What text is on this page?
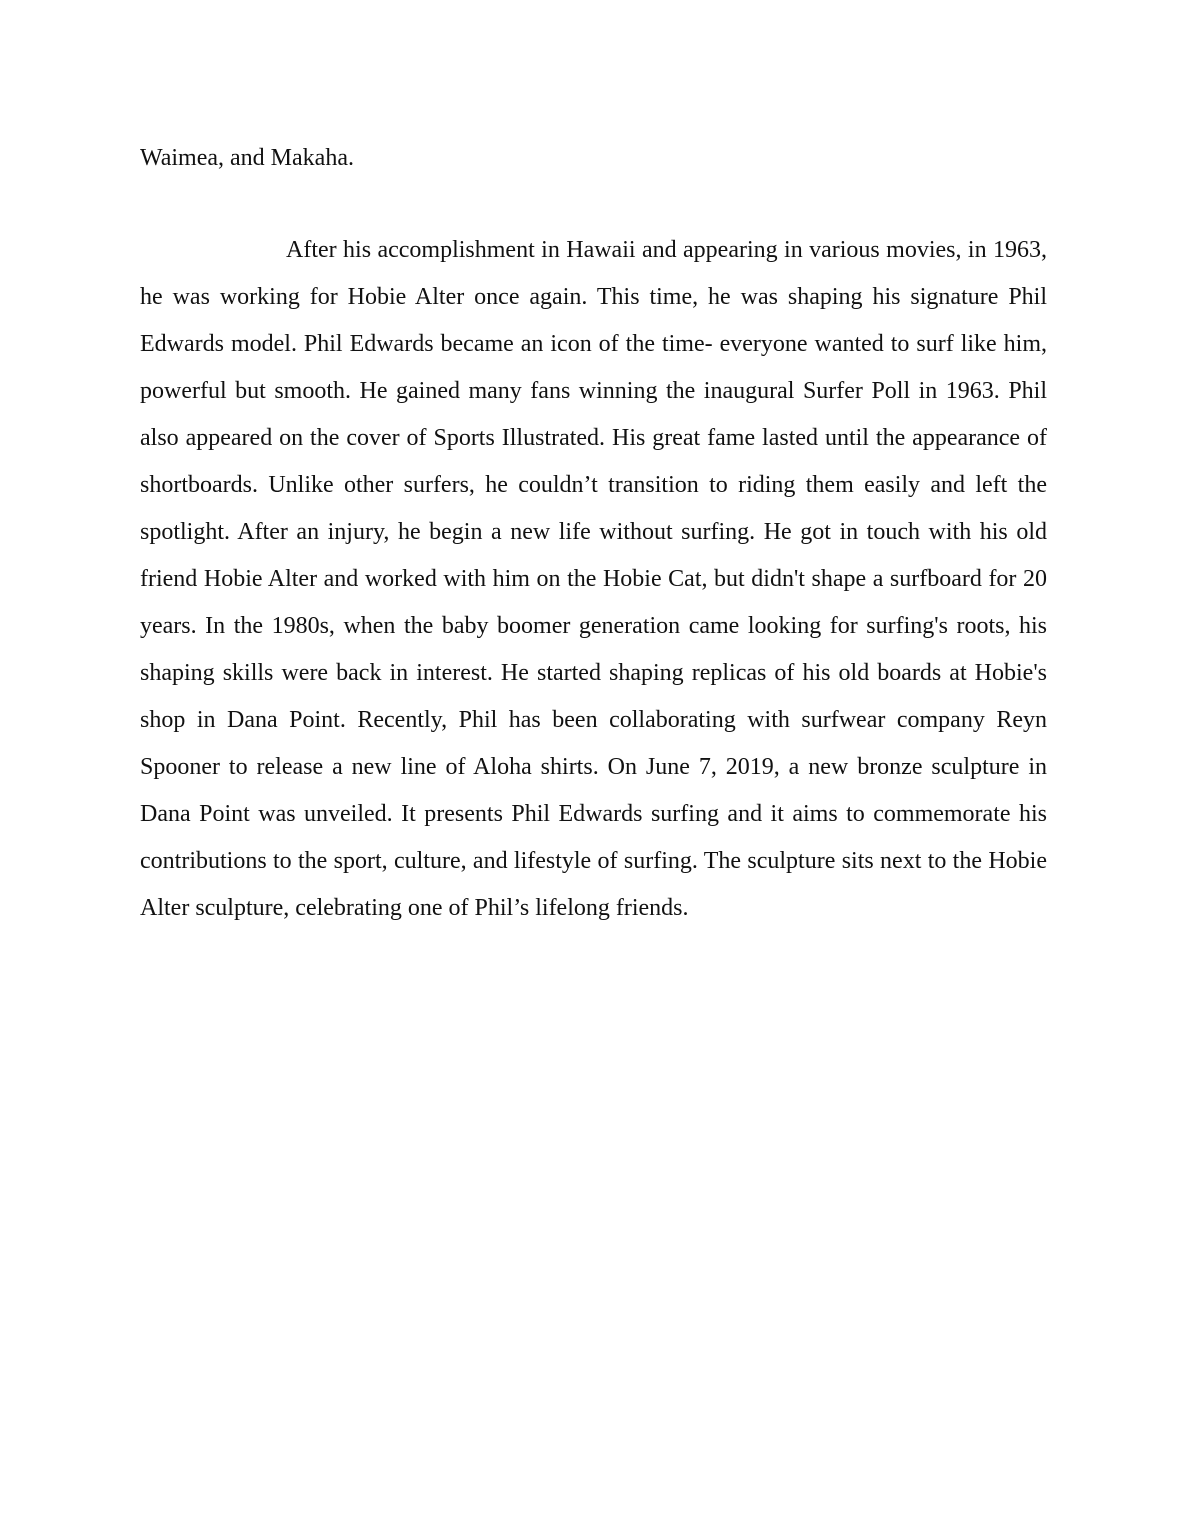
Waimea, and Makaha.

After his accomplishment in Hawaii and appearing in various movies, in 1963, he was working for Hobie Alter once again. This time, he was shaping his signature Phil Edwards model. Phil Edwards became an icon of the time- everyone wanted to surf like him, powerful but smooth. He gained many fans winning the inaugural Surfer Poll in 1963. Phil also appeared on the cover of Sports Illustrated. His great fame lasted until the appearance of shortboards. Unlike other surfers, he couldn’t transition to riding them easily and left the spotlight. After an injury, he begin a new life without surfing. He got in touch with his old friend Hobie Alter and worked with him on the Hobie Cat, but didn't shape a surfboard for 20 years. In the 1980s, when the baby boomer generation came looking for surfing's roots, his shaping skills were back in interest. He started shaping replicas of his old boards at Hobie's shop in Dana Point. Recently, Phil has been collaborating with surfwear company Reyn Spooner to release a new line of Aloha shirts. On June 7, 2019, a new bronze sculpture in Dana Point was unveiled. It presents Phil Edwards surfing and it aims to commemorate his contributions to the sport, culture, and lifestyle of surfing. The sculpture sits next to the Hobie Alter sculpture, celebrating one of Phil’s lifelong friends.
